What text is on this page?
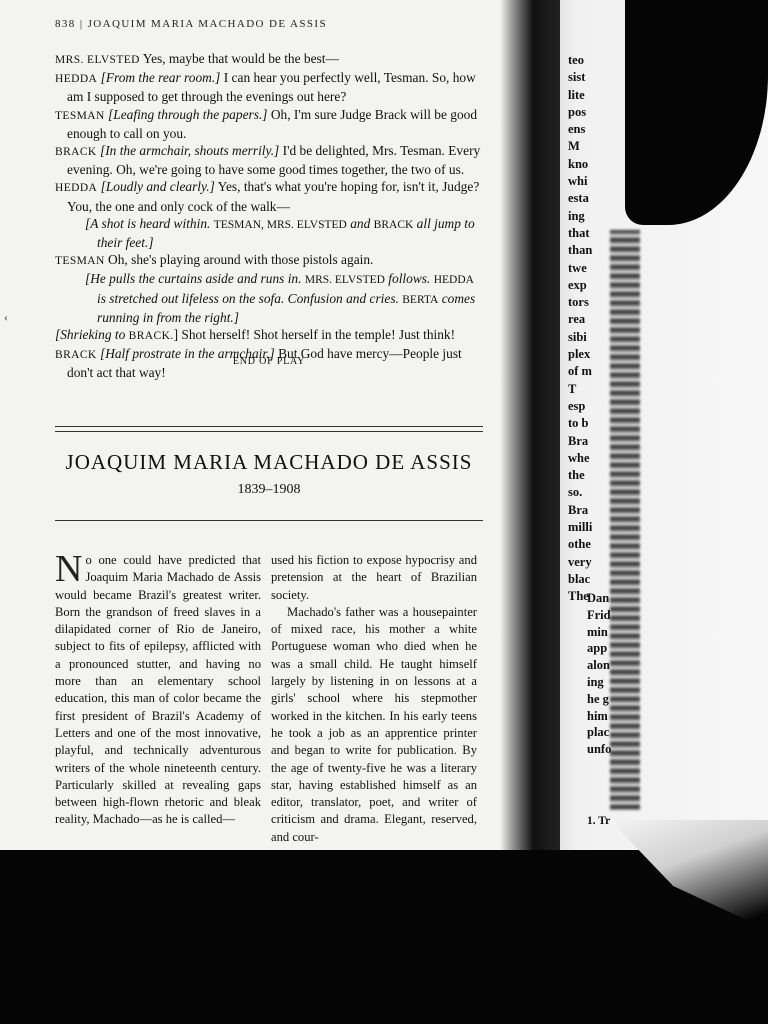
838 | JOAQUIM MARIA MACHADO DE ASSIS
‹

MRS. ELVSTED Yes, maybe that would be the best—

HEDDA [From the rear room.] I can hear you perfectly well, Tesman. So, how am I supposed to get through the evenings out here?

TESMAN [Leafing through the papers.] Oh, I'm sure Judge Brack will be good enough to call on you.

BRACK [In the armchair, shouts merrily.] I'd be delighted, Mrs. Tesman. Every evening. Oh, we're going to have some good times together, the two of us.

HEDDA [Loudly and clearly.] Yes, that's what you're hoping for, isn't it, Judge? You, the one and only cock of the walk—

[A shot is heard within. TESMAN, MRS. ELVSTED and BRACK all jump to their feet.]

TESMAN Oh, she's playing around with those pistols again.

[He pulls the curtains aside and runs in. MRS. ELVSTED follows. HEDDA is stretched out lifeless on the sofa. Confusion and cries. BERTA comes running in from the right.]

[Shrieking to BRACK.] Shot herself! Shot herself in the temple! Just think!

BRACK [Half prostrate in the armchair.] But God have mercy—People just don't act that way!

END OF PLAY
JOAQUIM MARIA MACHADO DE ASSIS
1839–1908
N o one could have predicted that Joaquim Maria Machado de Assis would became Brazil's greatest writer. Born the grandson of freed slaves in a dilapidated corner of Rio de Janeiro, subject to fits of epilepsy, afflicted with a pronounced stutter, and having no more than an elementary school education, this man of color became the first president of Brazil's Academy of Letters and one of the most innovative, playful, and technically adventurous writers of the whole nineteenth century. Particularly skilled at revealing gaps between high-flown rhetoric and bleak reality, Machado—as he is called—

used his fiction to expose hypocrisy and pretension at the heart of Brazilian society.

Machado's father was a housepainter of mixed race, his mother a white Portuguese woman who died when he was a small child. He taught himself largely by listening in on lessons at a girls' school where his stepmother worked in the kitchen. In his early teens he took a job as an apprentice printer and began to write for publication. By the age of twenty-five he was a literary star, having established himself as an editor, translator, poet, and writer of criticism and drama. Elegant, reserved, and cour-

teo
sist
lite
pos
ens
M
kno
whi
esta
ing
that
than
twe
exp
tors
rea
sibi
plex
of m
T
esp
to b
Bra
whe
the
so.
Bra
milli
othe
very
blac
The
Dan
Frid
min
app
alon
ing
he g
him
plac
unfo
1. Tr
